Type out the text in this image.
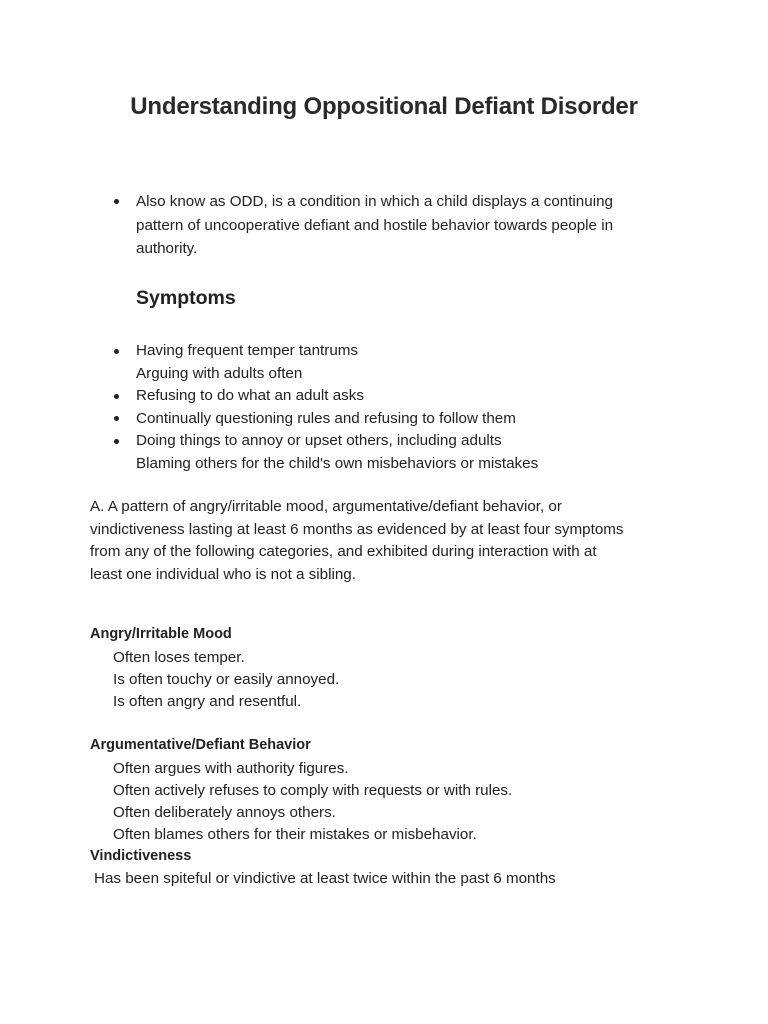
Understanding Oppositional Defiant Disorder
Also know as ODD, is a condition in which a child displays a continuing
pattern of uncooperative defiant and hostile behavior towards people in
authority.
Symptoms
Having frequent temper tantrums
Arguing with adults often
Refusing to do what an adult asks
Continually questioning rules and refusing to follow them
Doing things to annoy or upset others, including adults
Blaming others for the child's own misbehaviors or mistakes
A. A pattern of angry/irritable mood, argumentative/defiant behavior, or
vindictiveness lasting at least 6 months as evidenced by at least four symptoms
from any of the following categories, and exhibited during interaction with at
least one individual who is not a sibling.
Angry/Irritable Mood
Often loses temper.
Is often touchy or easily annoyed.
Is often angry and resentful.
Argumentative/Defiant Behavior
Often argues with authority figures.
Often actively refuses to comply with requests or with rules.
Often deliberately annoys others.
Often blames others for their mistakes or misbehavior.
Vindictiveness

Has been spiteful or vindictive at least twice within the past 6 months
